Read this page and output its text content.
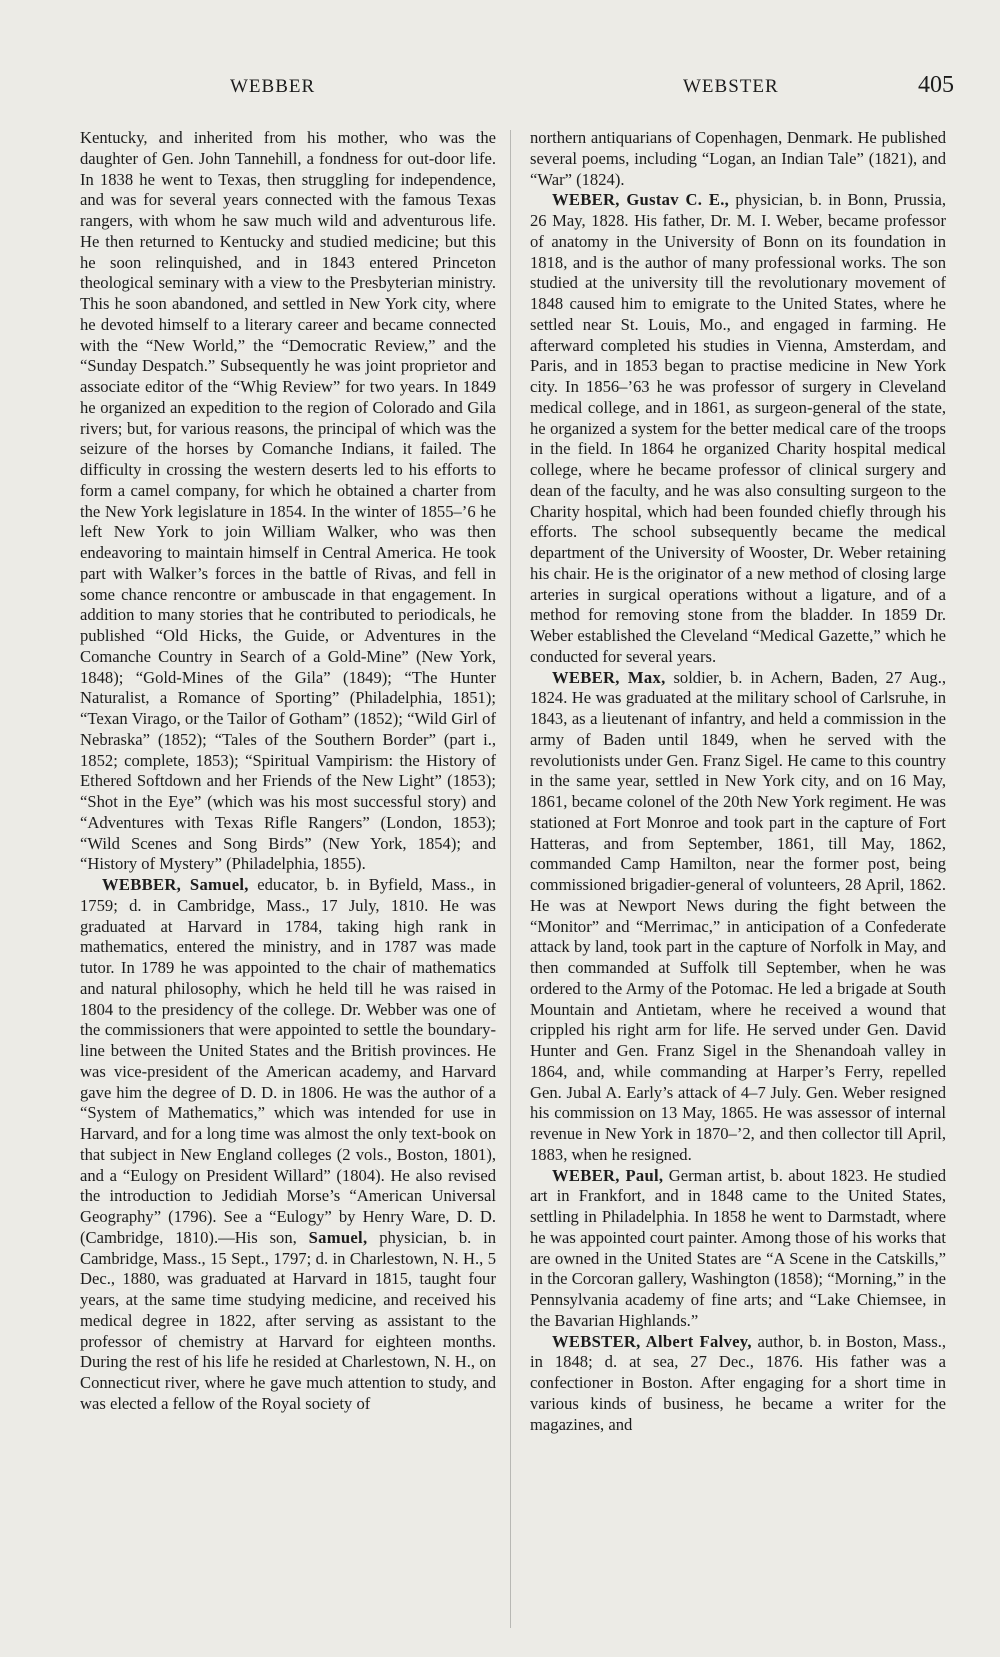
WEBBER	WEBSTER	405

Kentucky, and inherited from his mother, who was the daughter of Gen. John Tannehill, a fondness for out-door life. In 1838 he went to Texas, then struggling for independence, and was for several years connected with the famous Texas rangers, with whom he saw much wild and adventurous life. He then returned to Kentucky and studied medicine; but this he soon relinquished, and in 1843 entered Princeton theological seminary with a view to the Presbyterian ministry. This he soon abandoned, and settled in New York city, where he devoted himself to a literary career and became connected with the “New World,” the “Democratic Review,” and the “Sunday Despatch.” Subsequently he was joint proprietor and associate editor of the “Whig Review” for two years. In 1849 he organized an expedition to the region of Colorado and Gila rivers; but, for various reasons, the principal of which was the seizure of the horses by Comanche Indians, it failed. The difficulty in crossing the western deserts led to his efforts to form a camel company, for which he obtained a charter from the New York legislature in 1854. In the winter of 1855–’6 he left New York to join William Walker, who was then endeavoring to maintain himself in Central America. He took part with Walker’s forces in the battle of Rivas, and fell in some chance rencontre or ambuscade in that engagement. In addition to many stories that he contributed to periodicals, he published “Old Hicks, the Guide, or Adventures in the Comanche Country in Search of a Gold-Mine” (New York, 1848); “Gold-Mines of the Gila” (1849); “The Hunter Naturalist, a Romance of Sporting” (Philadelphia, 1851); “Texan Virago, or the Tailor of Gotham” (1852); “Wild Girl of Nebraska” (1852); “Tales of the Southern Border” (part i., 1852; complete, 1853); “Spiritual Vampirism: the History of Ethered Softdown and her Friends of the New Light” (1853); “Shot in the Eye” (which was his most successful story) and “Adventures with Texas Rifle Rangers” (London, 1853); “Wild Scenes and Song Birds” (New York, 1854); and “History of Mystery” (Philadelphia, 1855).

WEBBER, Samuel, educator, b. in Byfield, Mass., in 1759; d. in Cambridge, Mass., 17 July, 1810. He was graduated at Harvard in 1784, taking high rank in mathematics, entered the ministry, and in 1787 was made tutor. In 1789 he was appointed to the chair of mathematics and natural philosophy, which he held till he was raised in 1804 to the presidency of the college. Dr. Webber was one of the commissioners that were appointed to settle the boundary-line between the United States and the British provinces. He was vice-president of the American academy, and Harvard gave him the degree of D. D. in 1806. He was the author of a “System of Mathematics,” which was intended for use in Harvard, and for a long time was almost the only text-book on that subject in New England colleges (2 vols., Boston, 1801), and a “Eulogy on President Willard” (1804). He also revised the introduction to Jedidiah Morse’s “American Universal Geography” (1796). See a “Eulogy” by Henry Ware, D. D. (Cambridge, 1810).—His son, Samuel, physician, b. in Cambridge, Mass., 15 Sept., 1797; d. in Charlestown, N. H., 5 Dec., 1880, was graduated at Harvard in 1815, taught four years, at the same time studying medicine, and received his medical degree in 1822, after serving as assistant to the professor of chemistry at Harvard for eighteen months. During the rest of his life he resided at Charlestown, N. H., on Connecticut river, where he gave much attention to study, and was elected a fellow of the Royal society of

northern antiquarians of Copenhagen, Denmark. He published several poems, including “Logan, an Indian Tale” (1821), and “War” (1824).

WEBER, Gustav C. E., physician, b. in Bonn, Prussia, 26 May, 1828. His father, Dr. M. I. Weber, became professor of anatomy in the University of Bonn on its foundation in 1818, and is the author of many professional works. The son studied at the university till the revolutionary movement of 1848 caused him to emigrate to the United States, where he settled near St. Louis, Mo., and engaged in farming. He afterward completed his studies in Vienna, Amsterdam, and Paris, and in 1853 began to practise medicine in New York city. In 1856–’63 he was professor of surgery in Cleveland medical college, and in 1861, as surgeon-general of the state, he organized a system for the better medical care of the troops in the field. In 1864 he organized Charity hospital medical college, where he became professor of clinical surgery and dean of the faculty, and he was also consulting surgeon to the Charity hospital, which had been founded chiefly through his efforts. The school subsequently became the medical department of the University of Wooster, Dr. Weber retaining his chair. He is the originator of a new method of closing large arteries in surgical operations without a ligature, and of a method for removing stone from the bladder. In 1859 Dr. Weber established the Cleveland “Medical Gazette,” which he conducted for several years.

WEBER, Max, soldier, b. in Achern, Baden, 27 Aug., 1824. He was graduated at the military school of Carlsruhe, in 1843, as a lieutenant of infantry, and held a commission in the army of Baden until 1849, when he served with the revolutionists under Gen. Franz Sigel. He came to this country in the same year, settled in New York city, and on 16 May, 1861, became colonel of the 20th New York regiment. He was stationed at Fort Monroe and took part in the capture of Fort Hatteras, and from September, 1861, till May, 1862, commanded Camp Hamilton, near the former post, being commissioned brigadier-general of volunteers, 28 April, 1862. He was at Newport News during the fight between the “Monitor” and “Merrimac,” in anticipation of a Confederate attack by land, took part in the capture of Norfolk in May, and then commanded at Suffolk till September, when he was ordered to the Army of the Potomac. He led a brigade at South Mountain and Antietam, where he received a wound that crippled his right arm for life. He served under Gen. David Hunter and Gen. Franz Sigel in the Shenandoah valley in 1864, and, while commanding at Harper’s Ferry, repelled Gen. Jubal A. Early’s attack of 4–7 July. Gen. Weber resigned his commission on 13 May, 1865. He was assessor of internal revenue in New York in 1870–’2, and then collector till April, 1883, when he resigned.

WEBER, Paul, German artist, b. about 1823. He studied art in Frankfort, and in 1848 came to the United States, settling in Philadelphia. In 1858 he went to Darmstadt, where he was appointed court painter. Among those of his works that are owned in the United States are “A Scene in the Catskills,” in the Corcoran gallery, Washington (1858); “Morning,” in the Pennsylvania academy of fine arts; and “Lake Chiemsee, in the Bavarian Highlands.”

WEBSTER, Albert Falvey, author, b. in Boston, Mass., in 1848; d. at sea, 27 Dec., 1876. His father was a confectioner in Boston. After engaging for a short time in various kinds of business, he became a writer for the magazines, and
